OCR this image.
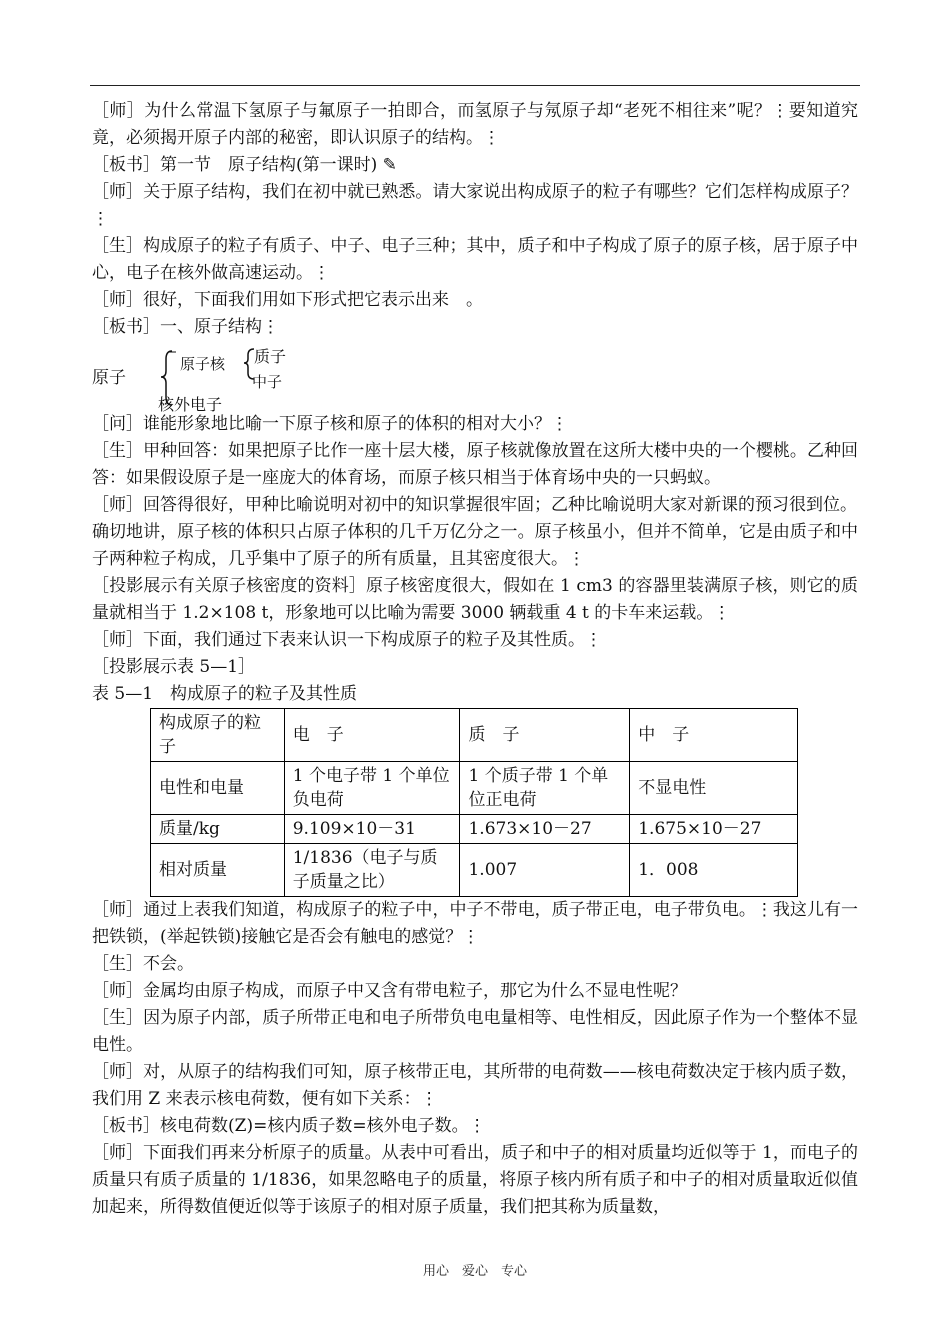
［师］为什么常温下氢原子与氟原子一拍即合，而氢原子与氖原子却“老死不相往来”呢？⋮要知道究竟，必须揭开原子内部的秘密，即认识原子的结构。⋮

［板书］第一节　原子结构(第一课时) ✎

［师］关于原子结构，我们在初中就已熟悉。请大家说出构成原子的粒子有哪些？它们怎样构成原子？⋮

［生］构成原子的粒子有质子、中子、电子三种；其中，质子和中子构成了原子的原子核，居于原子中心，电子在核外做高速运动。⋮

［师］很好，下面我们用如下形式把它表示出来　。

［板书］一、原子结构⋮

原子
原子核 质子
中子
核外电子

［问］谁能形象地比喻一下原子核和原子的体积的相对大小？⋮

［生］甲种回答：如果把原子比作一座十层大楼，原子核就像放置在这所大楼中央的一个樱桃。乙种回答：如果假设原子是一座庞大的体育场，而原子核只相当于体育场中央的一只蚂蚁。

［师］回答得很好，甲种比喻说明对初中的知识掌握很牢固；乙种比喻说明大家对新课的预习很到位。

确切地讲，原子核的体积只占原子体积的几千万亿分之一。原子核虽小，但并不简单，它是由质子和中子两种粒子构成，几乎集中了原子的所有质量，且其密度很大。⋮

［投影展示有关原子核密度的资料］原子核密度很大，假如在 1 cm3 的容器里装满原子核，则它的质量就相当于 1.2×108 t，形象地可以比喻为需要 3000 辆载重 4 t 的卡车来运载。⋮

［师］下面，我们通过下表来认识一下构成原子的粒子及其性质。⋮

［投影展示表 5—1］

表 5—1　构成原子的粒子及其性质

构成原子的粒子	电　子	质　子	中　子
电性和电量	1 个电子带 1 个单位负电荷	1 个质子带 1 个单位正电荷	不显电性
质量/kg	9.109×10－31	1.673×10－27	1.675×10－27
相对质量	1/1836（电子与质子质量之比）	1.007	1．008

［师］通过上表我们知道，构成原子的粒子中，中子不带电，质子带正电，电子带负电。⋮我这儿有一把铁锁，(举起铁锁)接触它是否会有触电的感觉？⋮

［生］不会。

［师］金属均由原子构成，而原子中又含有带电粒子，那它为什么不显电性呢？

［生］因为原子内部，质子所带正电和电子所带负电电量相等、电性相反，因此原子作为一个整体不显电性。

［师］对，从原子的结构我们可知，原子核带正电，其所带的电荷数——核电荷数决定于核内质子数，我们用 Z 来表示核电荷数，便有如下关系：⋮

［板书］核电荷数(Z)=核内质子数=核外电子数。⋮

［师］下面我们再来分析原子的质量。从表中可看出，质子和中子的相对质量均近似等于 1，而电子的质量只有质子质量的 1/1836，如果忽略电子的质量，将原子核内所有质子和中子的相对质量取近似值加起来，所得数值便近似等于该原子的相对原子质量，我们把其称为质量数，

用心　爱心　专心
